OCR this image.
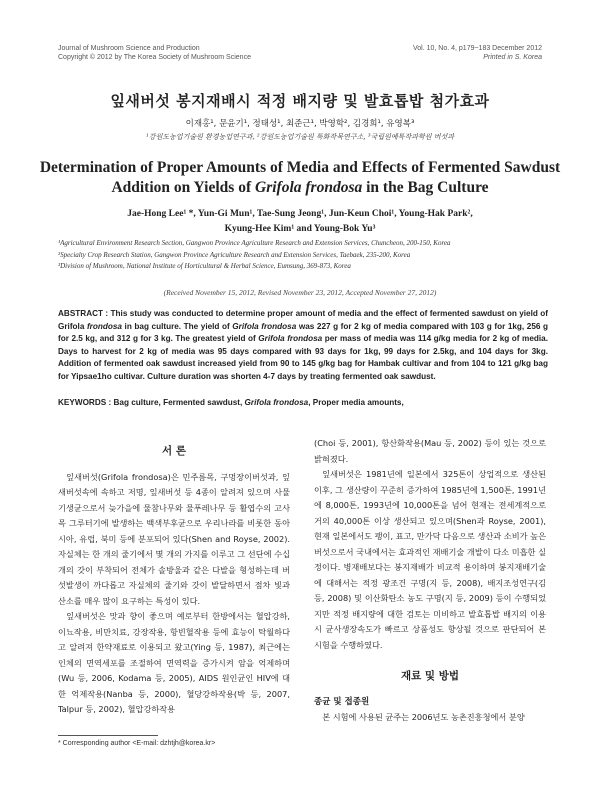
Journal of Mushroom Science and Production
Copyright © 2012 by The Korea Society of Mushroom Science
Vol. 10, No. 4, p179~183 December 2012
Printed in S. Korea
잎새버섯 봉지재배시 적정 배지량 및 발효톱밥 첨가효과
이재홍¹, 문윤기¹, 정태성¹, 최준근¹, 박영학², 김경희¹, 유영복³
¹강원도농업기술원 환경농업연구과, ²강원도농업기술원 특화작목연구소, ³국립원예특작과학원 버섯과
Determination of Proper Amounts of Media and Effects of Fermented Sawdust
Addition on Yields of Grifola frondosa in the Bag Culture
Jae-Hong Lee¹ *, Yun-Gi Mun¹, Tae-Sung Jeong¹, Jun-Keun Choi¹, Young-Hak Park²,
Kyung-Hee Kim¹ and Young-Bok Yu³
¹Agricultural Environment Research Section, Gangwon Province Agriculture Research and Extension Services, Chuncheon, 200-150, Korea
²Specialty Crop Research Station, Gangwon Province Agriculture Research and Extension Services, Taebaek, 235-200, Korea
³Division of Mushroom, National Institute of Horticultural & Herbal Science, Eumsung, 369-873, Korea
(Received November 15, 2012, Revised November 23, 2012, Accepted November 27, 2012)
ABSTRACT : This study was conducted to determine proper amount of media and the effect of fermented sawdust on yield of Grifola frondosa in bag culture. The yield of Grifola frondosa was 227 g for 2 kg of media compared with 103 g for 1kg, 256 g for 2.5 kg, and 312 g for 3 kg. The greatest yield of Grifola frondosa per mass of media was 114 g/kg media for 2 kg of media. Days to harvest for 2 kg of media was 95 days compared with 93 days for 1kg, 99 days for 2.5kg, and 104 days for 3kg. Addition of fermented oak sawdust increased yield from 90 to 145 g/kg bag for Hambak cultivar and from 104 to 121 g/kg bag for Yipsae1ho cultivar. Culture duration was shorten 4-7 days by treating fermented oak sawdust.
KEYWORDS : Bag culture, Fermented sawdust, Grifola frondosa, Proper media amounts,
서 론

잎새버섯(Grifola frondosa)은 민주름목, 구멍장이버섯과, 잎새버섯속에 속하고 저명, 잎새버섯 등 4종이 알려져 있으며 사물기생균으로서 늦가을에 물참나무와 물푸레나무 등 활엽수의 고사목 그루터기에 발생하는 백색부후균으로 우리나라를 비롯한 동아시아, 유럽, 북미 등에 분포되어 있다(Shen and Royse, 2002). 자실체는 한 개의 줄기에서 몇 개의 가지를 이루고 그 선단에 수십개의 갓이 부착되어 전체가 솔방울과 같은 다발을 형성하는데 버섯발생이 까다롭고 자실체의 줄기와 갓이 발달하면서 점차 빛과 산소를 매우 많이 요구하는 특성이 있다.

잎새버섯은 맛과 향이 좋으며 예로부터 한방에서는 혈압강하, 이뇨작용, 비만치료, 강장작용, 항빈혈작용 등에 효능이 탁월하다고 알려져 한약재료로 이용되고 왔고(Ying 등, 1987), 최근에는 인체의 면역세포를 조절하여 면역력을 증가시켜 암을 억제하며(Wu 등, 2006, Kodama 등, 2005), AIDS 원인균인 HIV에 대한 억제작용(Nanba 등, 2000), 혈당강하작용(박 등, 2007, Talpur 등, 2002), 혈압강하작용

(Choi 등, 2001), 항산화작용(Mau 등, 2002) 등이 있는 것으로 밝혀졌다.

잎새버섯은 1981년에 일본에서 325톤이 상업적으로 생산된 이후, 그 생산량이 꾸준히 증가하여 1985년에 1,500톤, 1991년에 8,000톤, 1993년에 10,000톤을 넘어 현재는 전세계적으로 거의 40,000톤 이상 생산되고 있으며(Shen과 Royse, 2001), 현재 일본에서도 팽이, 표고, 만가닥 다음으로 생산과 소비가 높은 버섯으로서 국내에서는 효과적인 재배기술 개발이 다소 미흡한 실정이다. 병재배보다는 봉지재배가 비교적 용이하며 봉지재배기술에 대해서는 적정 광조건 구명(지 등, 2008), 배지조성연구(김 등, 2008) 및 이산화탄소 농도 구명(지 등, 2009) 등이 수행되었지만 적정 배지량에 대한 검토는 미비하고 발효톱밥 배지의 이용시 균사생장속도가 빠르고 상품성도 향상될 것으로 판단되어 본 시험을 수행하였다.

재료 및 방법
종균 및 접종원

본 시험에 사용된 균주는 2006년도 농촌진흥청에서 분양

* Corresponding author <E-mail: dzhtjh@korea.kr>
